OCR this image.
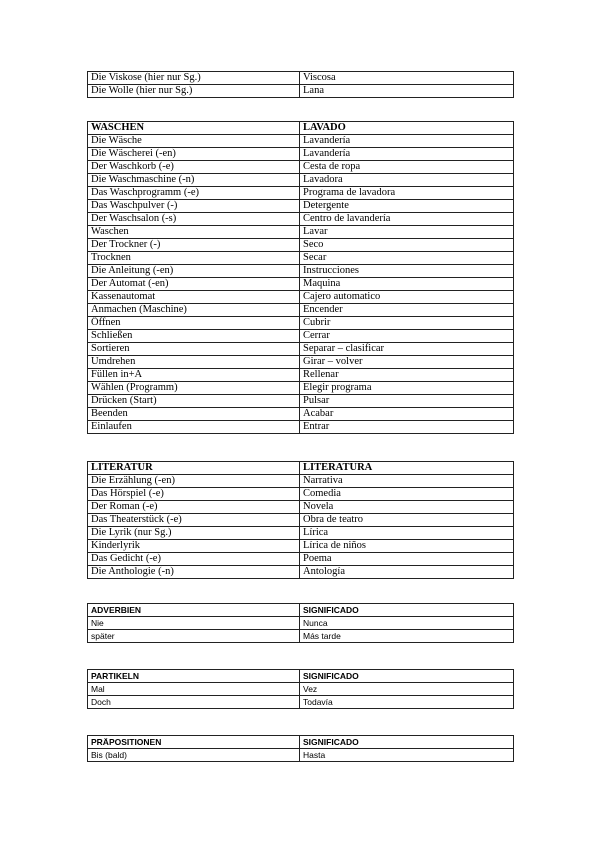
Die Viskose (hier nur Sg.)	Viscosa
Die Wolle (hier nur Sg.)	Lana
WASCHEN	LAVADO
Die Wäsche	Lavandería
Die Wäscherei (-en)	Lavandería
Der Waschkorb (-e)	Cesta de ropa
Die Waschmaschine (-n)	Lavadora
Das Waschprogramm (-e)	Programa de lavadora
Das Waschpulver (-)	Detergente
Der Waschsalon (-s)	Centro de lavandería
Waschen	Lavar
Der Trockner (-)	Seco
Trocknen	Secar
Die Anleitung (-en)	Instrucciones
Der Automat (-en)	Maquina
Kassenautomat	Cajero automatico
Anmachen (Maschine)	Encender
Öffnen	Cubrir
Schließen	Cerrar
Sortieren	Separar – clasificar
Umdrehen	Girar – volver
Füllen in+A	Rellenar
Wählen (Programm)	Elegir programa
Drücken (Start)	Pulsar
Beenden	Acabar
Einlaufen	Entrar
LITERATUR	LITERATURA
Die Erzählung (-en)	Narrativa
Das Hörspiel (-e)	Comedia
Der Roman (-e)	Novela
Das Theaterstück (-e)	Obra de teatro
Die Lyrik (nur Sg.)	Lírica
Kinderlyrik	Lírica de niños
Das Gedicht (-e)	Poema
Die Anthologie (-n)	Antología
ADVERBIEN	SIGNIFICADO
Nie	Nunca
später	Más tarde
PARTIKELN	SIGNIFICADO
Mal	Vez
Doch	Todavía
PRÄPOSITIONEN	SIGNIFICADO
Bis (bald)	Hasta
